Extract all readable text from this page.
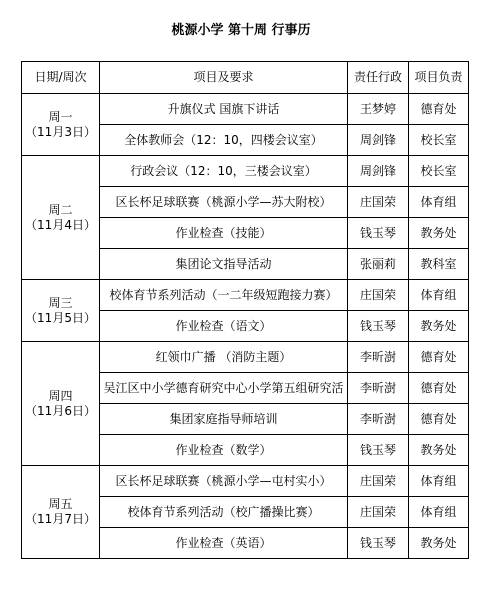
桃源小学 第十周 行事历
日期/周次	项目及要求	责任行政	项目负责

周一
（11月3日）	升旗仪式 国旗下讲话	王梦婷	德育处
	全体教师会（12：10，四楼会议室）	周剑锋	校长室

周二
（11月4日）	行政会议（12：10，三楼会议室）	周剑锋	校长室
	区长杯足球联赛（桃源小学—苏大附校）	庄国荣	体育组
	作业检查（技能）	钱玉琴	教务处
	集团论文指导活动	张丽莉	教科室

周三
（11月5日）	校体育节系列活动（一二年级短跑接力赛）	庄国荣	体育组
	作业检查（语文）	钱玉琴	教务处

周四
（11月6日）	红领巾广播 （消防主题）	李昕澍	德育处
	吴江区中小学德育研究中心小学第五组研究活	李昕澍	德育处
	集团家庭指导师培训	李昕澍	德育处
	作业检查（数学）	钱玉琴	教务处

周五
（11月7日）	区长杯足球联赛（桃源小学—屯村实小）	庄国荣	体育组
	校体育节系列活动（校广播操比赛）	庄国荣	体育组
	作业检查（英语）	钱玉琴	教务处
